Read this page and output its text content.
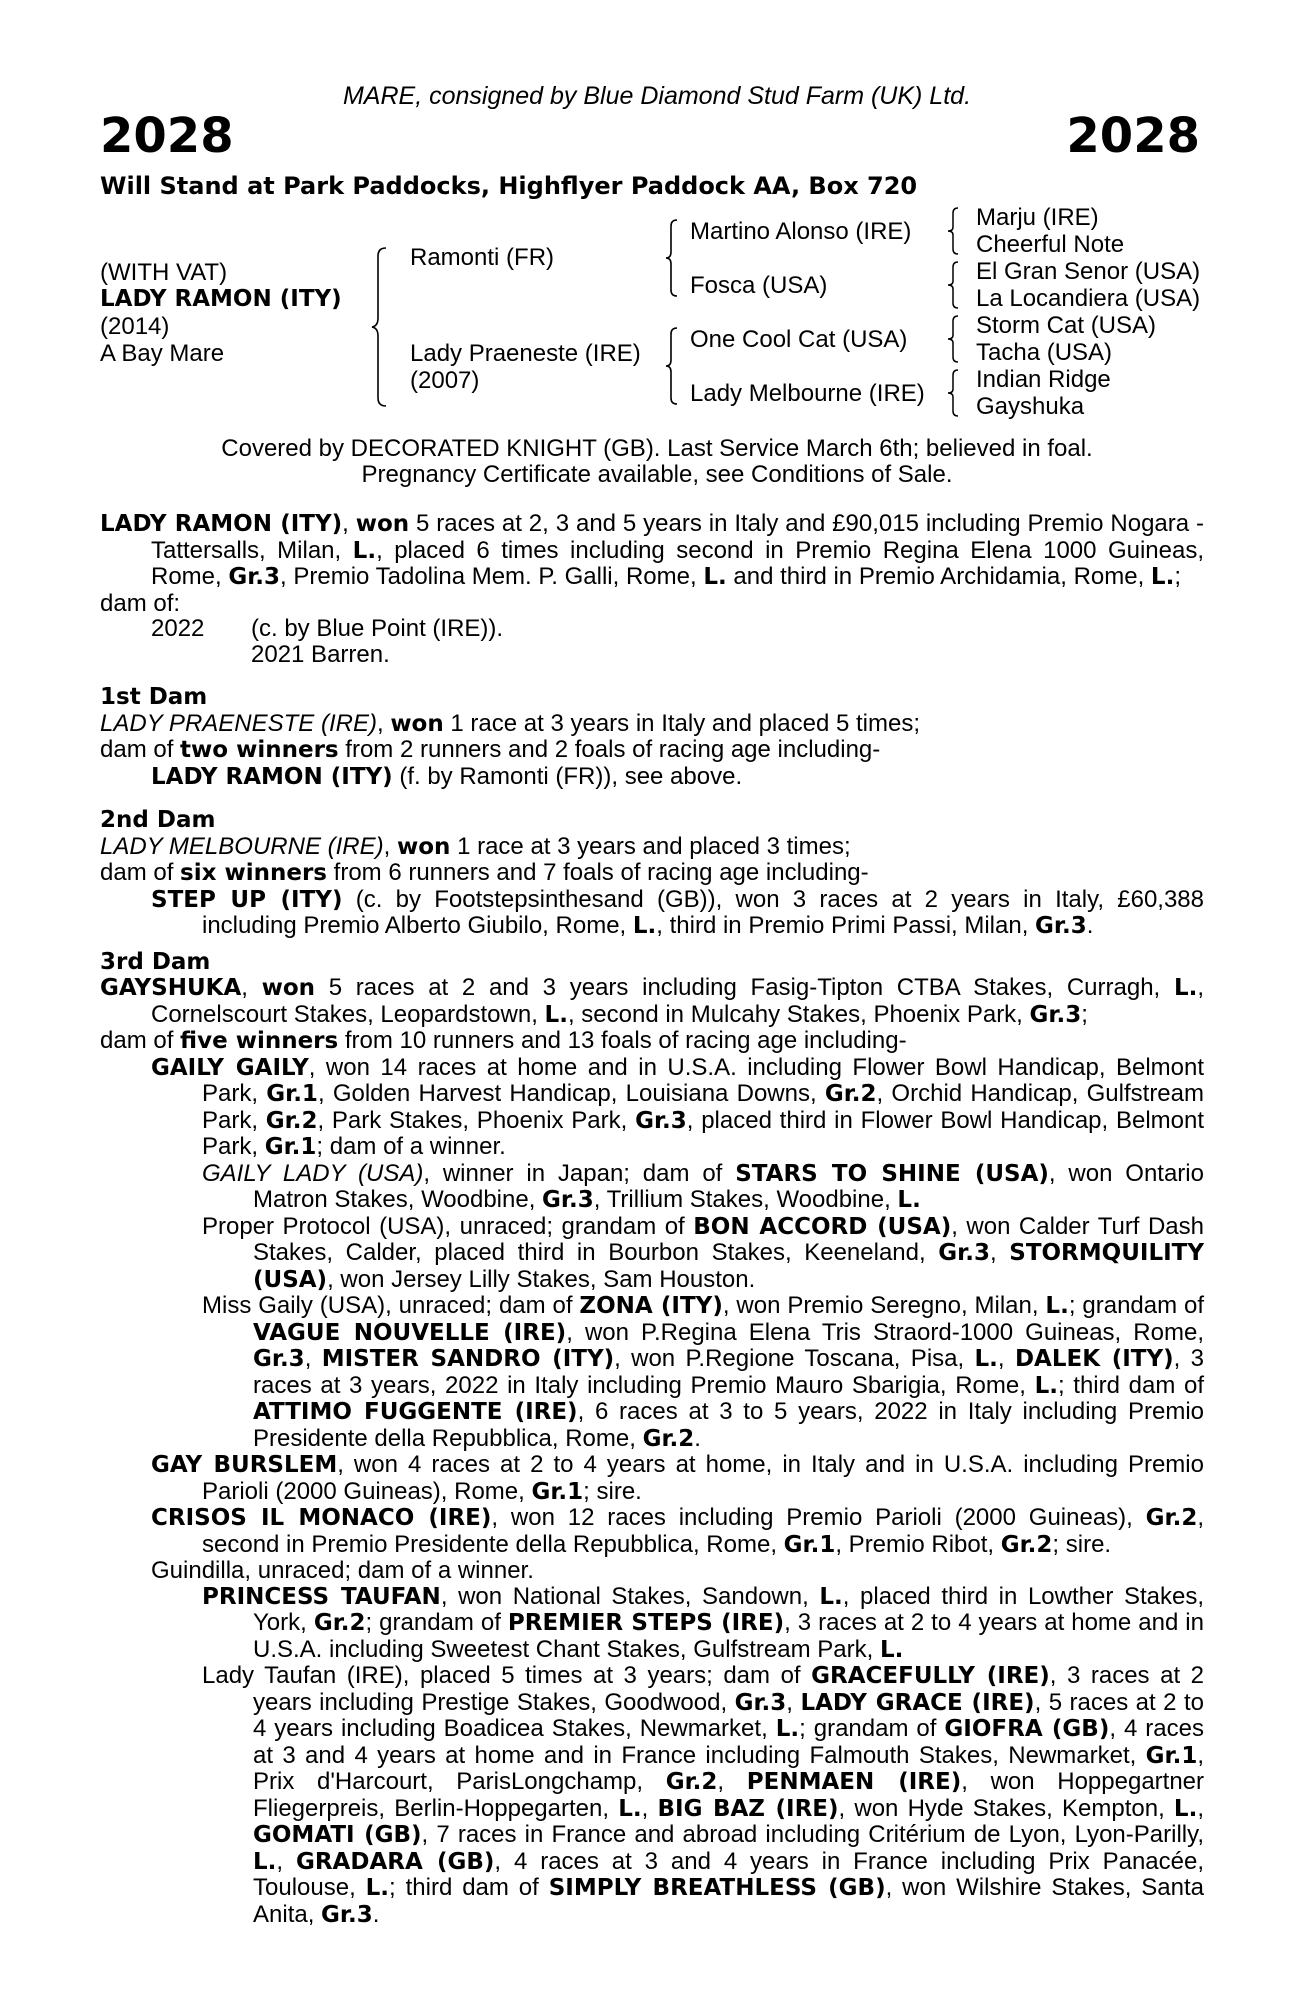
MARE, consigned by Blue Diamond Stud Farm (UK) Ltd.
2028	2028
Will Stand at Park Paddocks, Highflyer Paddock AA, Box 720
(WITH VAT)
LADY RAMON (ITY)
(2014)
A Bay Mare
Ramonti (FR)
Lady Praeneste (IRE)
(2007)
Martino Alonso (IRE)
Fosca (USA)
One Cool Cat (USA)
Lady Melbourne (IRE)
Marju (IRE)
Cheerful Note
El Gran Senor (USA)
La Locandiera (USA)
Storm Cat (USA)
Tacha (USA)
Indian Ridge
Gayshuka
Covered by DECORATED KNIGHT (GB). Last Service March 6th; believed in foal.
Pregnancy Certificate available, see Conditions of Sale.

LADY RAMON (ITY), won 5 races at 2, 3 and 5 years in Italy and £90,015 including Premio Nogara - Tattersalls, Milan, L., placed 6 times including second in Premio Regina Elena 1000 Guineas, Rome, Gr.3, Premio Tadolina Mem. P. Galli, Rome, L. and third in Premio Archidamia, Rome, L.;

dam of:

2022	(c. by Blue Point (IRE)).
2021 Barren.
1st Dam

LADY PRAENESTE (IRE), won 1 race at 3 years in Italy and placed 5 times;

dam of two winners from 2 runners and 2 foals of racing age including-

LADY RAMON (ITY) (f. by Ramonti (FR)), see above.

2nd Dam

LADY MELBOURNE (IRE), won 1 race at 3 years and placed 3 times;

dam of six winners from 6 runners and 7 foals of racing age including-

STEP UP (ITY) (c. by Footstepsinthesand (GB)), won 3 races at 2 years in Italy, £60,388 including Premio Alberto Giubilo, Rome, L., third in Premio Primi Passi, Milan, Gr.3.

3rd Dam

GAYSHUKA, won 5 races at 2 and 3 years including Fasig-Tipton CTBA Stakes, Curragh, L., Cornelscourt Stakes, Leopardstown, L., second in Mulcahy Stakes, Phoenix Park, Gr.3;

dam of five winners from 10 runners and 13 foals of racing age including-

GAILY GAILY, won 14 races at home and in U.S.A. including Flower Bowl Handicap, Belmont Park, Gr.1, Golden Harvest Handicap, Louisiana Downs, Gr.2, Orchid Handicap, Gulfstream Park, Gr.2, Park Stakes, Phoenix Park, Gr.3, placed third in Flower Bowl Handicap, Belmont Park, Gr.1; dam of a winner.

GAILY LADY (USA), winner in Japan; dam of STARS TO SHINE (USA), won Ontario Matron Stakes, Woodbine, Gr.3, Trillium Stakes, Woodbine, L.

Proper Protocol (USA), unraced; grandam of BON ACCORD (USA), won Calder Turf Dash Stakes, Calder, placed third in Bourbon Stakes, Keeneland, Gr.3, STORMQUILITY (USA), won Jersey Lilly Stakes, Sam Houston.

Miss Gaily (USA), unraced; dam of ZONA (ITY), won Premio Seregno, Milan, L.; grandam of VAGUE NOUVELLE (IRE), won P.Regina Elena Tris Straord-1000 Guineas, Rome, Gr.3, MISTER SANDRO (ITY), won P.Regione Toscana, Pisa, L., DALEK (ITY), 3 races at 3 years, 2022 in Italy including Premio Mauro Sbarigia, Rome, L.; third dam of ATTIMO FUGGENTE (IRE), 6 races at 3 to 5 years, 2022 in Italy including Premio Presidente della Repubblica, Rome, Gr.2.

GAY BURSLEM, won 4 races at 2 to 4 years at home, in Italy and in U.S.A. including Premio Parioli (2000 Guineas), Rome, Gr.1; sire.

CRISOS IL MONACO (IRE), won 12 races including Premio Parioli (2000 Guineas), Gr.2, second in Premio Presidente della Repubblica, Rome, Gr.1, Premio Ribot, Gr.2; sire.

Guindilla, unraced; dam of a winner.

PRINCESS TAUFAN, won National Stakes, Sandown, L., placed third in Lowther Stakes, York, Gr.2; grandam of PREMIER STEPS (IRE), 3 races at 2 to 4 years at home and in U.S.A. including Sweetest Chant Stakes, Gulfstream Park, L.

Lady Taufan (IRE), placed 5 times at 3 years; dam of GRACEFULLY (IRE), 3 races at 2 years including Prestige Stakes, Goodwood, Gr.3, LADY GRACE (IRE), 5 races at 2 to 4 years including Boadicea Stakes, Newmarket, L.; grandam of GIOFRA (GB), 4 races at 3 and 4 years at home and in France including Falmouth Stakes, Newmarket, Gr.1, Prix d'Harcourt, ParisLongchamp, Gr.2, PENMAEN (IRE), won Hoppegartner Fliegerpreis, Berlin-Hoppegarten, L., BIG BAZ (IRE), won Hyde Stakes, Kempton, L., GOMATI (GB), 7 races in France and abroad including Critérium de Lyon, Lyon-Parilly, L., GRADARA (GB), 4 races at 3 and 4 years in France including Prix Panacée, Toulouse, L.; third dam of SIMPLY BREATHLESS (GB), won Wilshire Stakes, Santa Anita, Gr.3.
